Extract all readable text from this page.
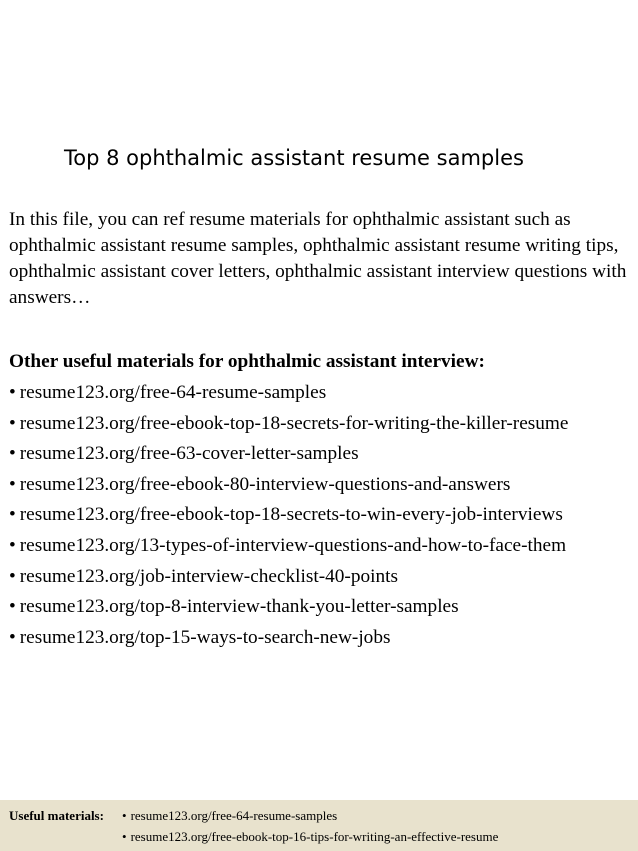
Top 8 ophthalmic assistant resume samples
In this file, you can ref resume materials for ophthalmic assistant such as ophthalmic assistant resume samples, ophthalmic assistant resume writing tips, ophthalmic assistant cover letters, ophthalmic assistant interview questions with answers…
Other useful materials for ophthalmic assistant interview:
• resume123.org/free-64-resume-samples
• resume123.org/free-ebook-top-18-secrets-for-writing-the-killer-resume
• resume123.org/free-63-cover-letter-samples
• resume123.org/free-ebook-80-interview-questions-and-answers
• resume123.org/free-ebook-top-18-secrets-to-win-every-job-interviews
• resume123.org/13-types-of-interview-questions-and-how-to-face-them
• resume123.org/job-interview-checklist-40-points
• resume123.org/top-8-interview-thank-you-letter-samples
• resume123.org/top-15-ways-to-search-new-jobs
Useful materials: • resume123.org/free-64-resume-samples
• resume123.org/free-ebook-top-16-tips-for-writing-an-effective-resume
